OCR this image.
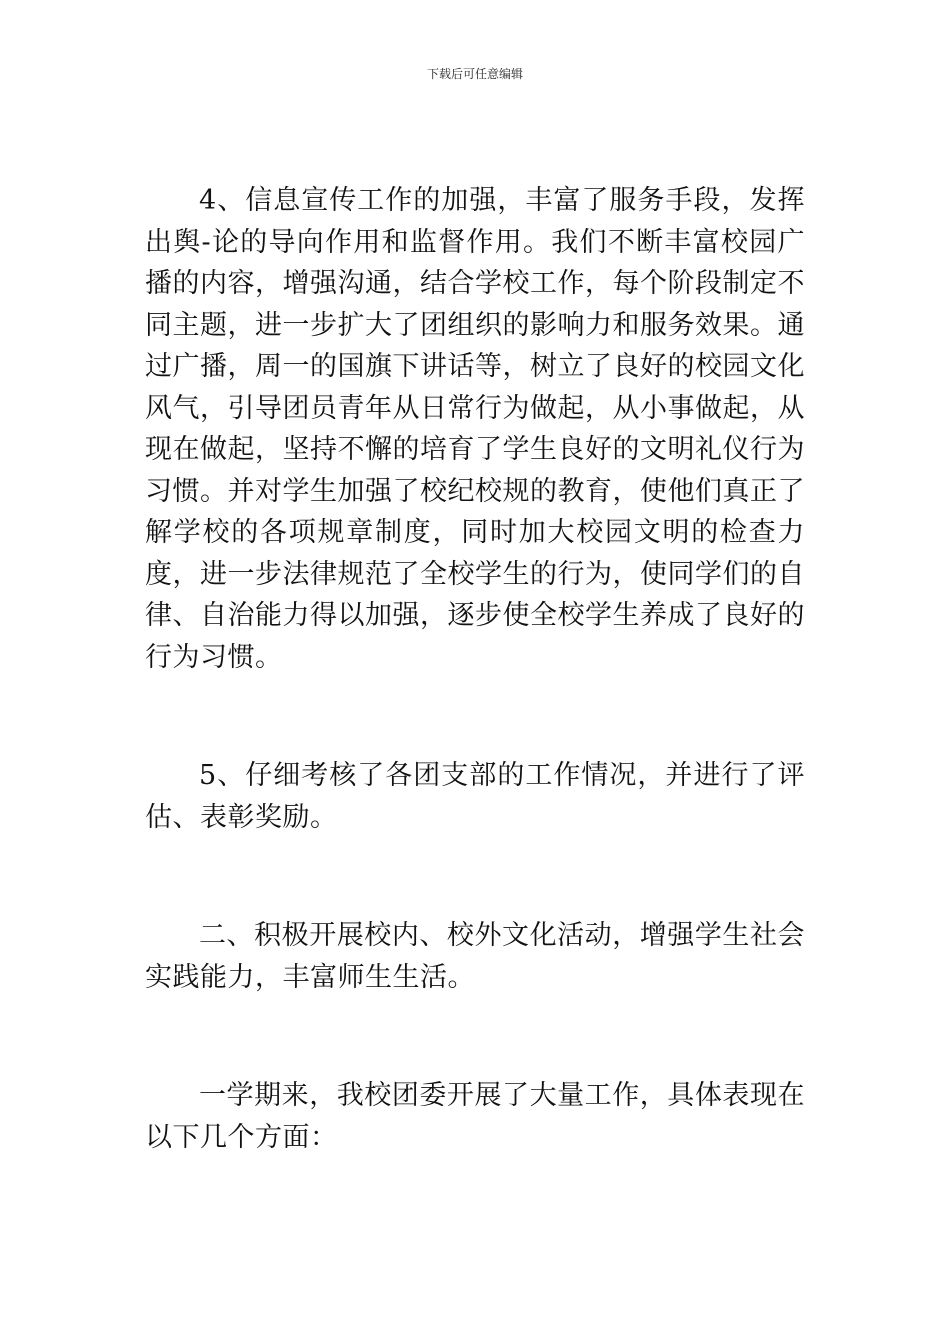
下载后可任意编辑

4、信息宣传工作的加强，丰富了服务手段，发挥出舆-论的导向作用和监督作用。我们不断丰富校园广播的内容，增强沟通，结合学校工作，每个阶段制定不同主题，进一步扩大了团组织的影响力和服务效果。通过广播，周一的国旗下讲话等，树立了良好的校园文化风气，引导团员青年从日常行为做起，从小事做起，从现在做起，坚持不懈的培育了学生良好的文明礼仪行为习惯。并对学生加强了校纪校规的教育，使他们真正了解学校的各项规章制度，同时加大校园文明的检查力度，进一步法律规范了全校学生的行为，使同学们的自律、自治能力得以加强，逐步使全校学生养成了良好的行为习惯。

5、仔细考核了各团支部的工作情况，并进行了评估、表彰奖励。

二、积极开展校内、校外文化活动，增强学生社会实践能力，丰富师生生活。

一学期来，我校团委开展了大量工作，具体表现在以下几个方面：
